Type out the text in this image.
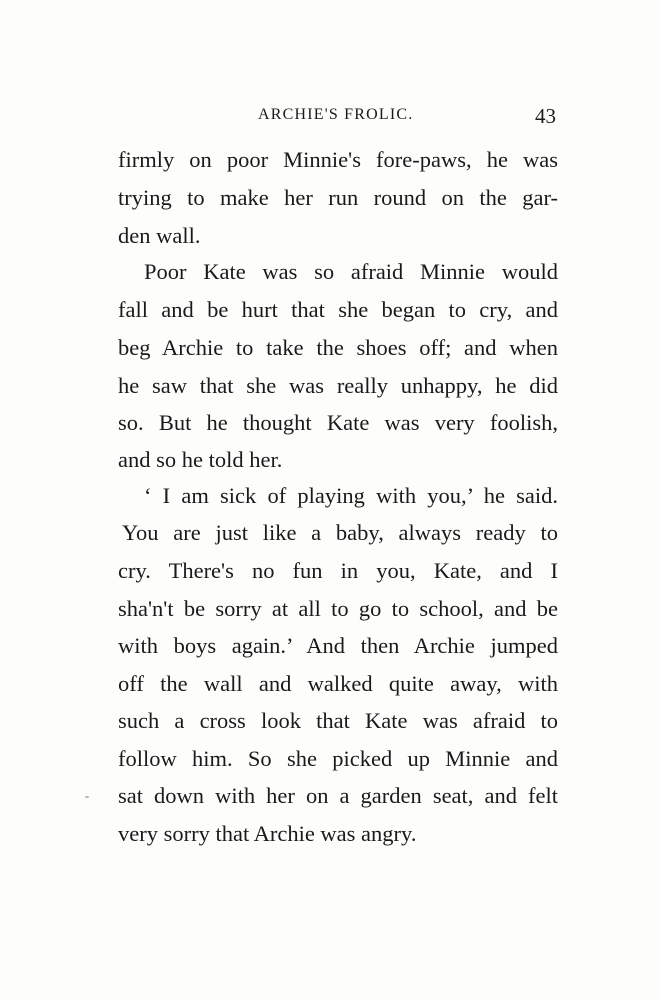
ARCHIE'S FROLIC.	43
firmly on poor Minnie's fore-paws, he was
trying to make her run round on the gar-
den wall.
Poor Kate was so afraid Minnie would
fall and be hurt that she began to cry, and
beg Archie to take the shoes off; and when
he saw that she was really unhappy, he did
so. But he thought Kate was very foolish,
and so he told her.
‘ I am sick of playing with you,’ he said.
You are just like a baby, always ready to
cry. There's no fun in you, Kate, and I
sha'n't be sorry at all to go to school, and be
with boys again.’ And then Archie jumped
off the wall and walked quite away, with
such a cross look that Kate was afraid to
follow him. So she picked up Minnie and
sat down with her on a garden seat, and felt
very sorry that Archie was angry.
